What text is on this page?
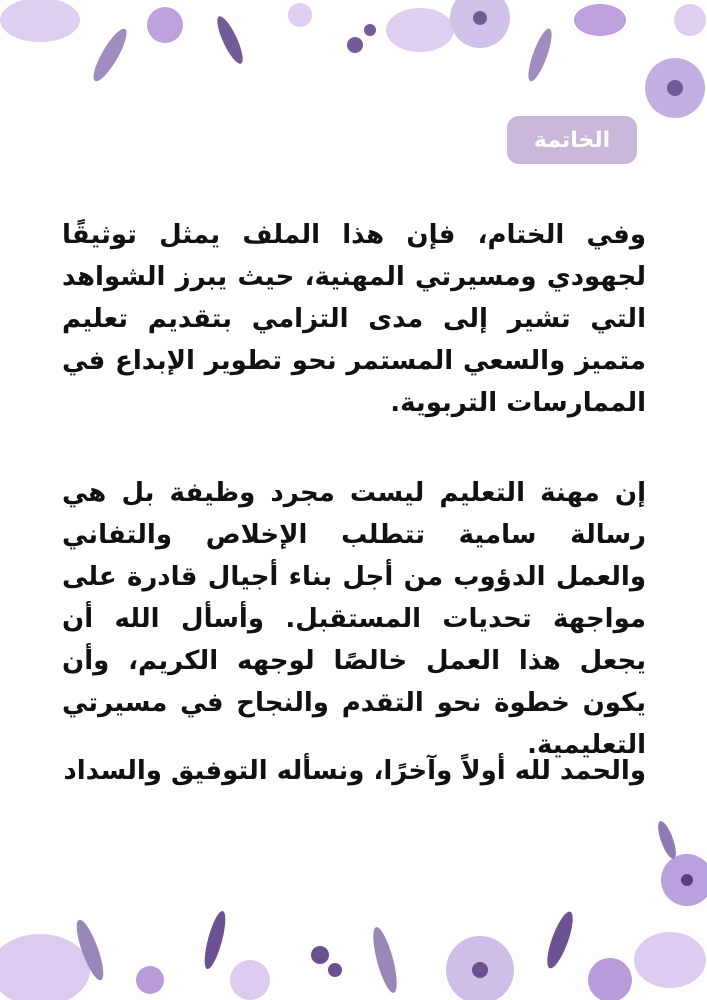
الخاتمة
وفي الختام، فإن هذا الملف يمثل توثيقًا لجهودي ومسيرتي المهنية، حيث يبرز الشواهد التي تشير إلى مدى التزامي بتقديم تعليم متميز والسعي المستمر نحو تطوير الإبداع في الممارسات التربوية.
إن مهنة التعليم ليست مجرد وظيفة بل هي رسالة سامية تتطلب الإخلاص والتفاني والعمل الدؤوب من أجل بناء أجيال قادرة على مواجهة تحديات المستقبل. وأسأل الله أن يجعل هذا العمل خالصًا لوجهه الكريم، وأن يكون خطوة نحو التقدم والنجاح في مسيرتي التعليمية.
والحمد لله أولاً وآخرًا، ونسأله التوفيق والسداد
